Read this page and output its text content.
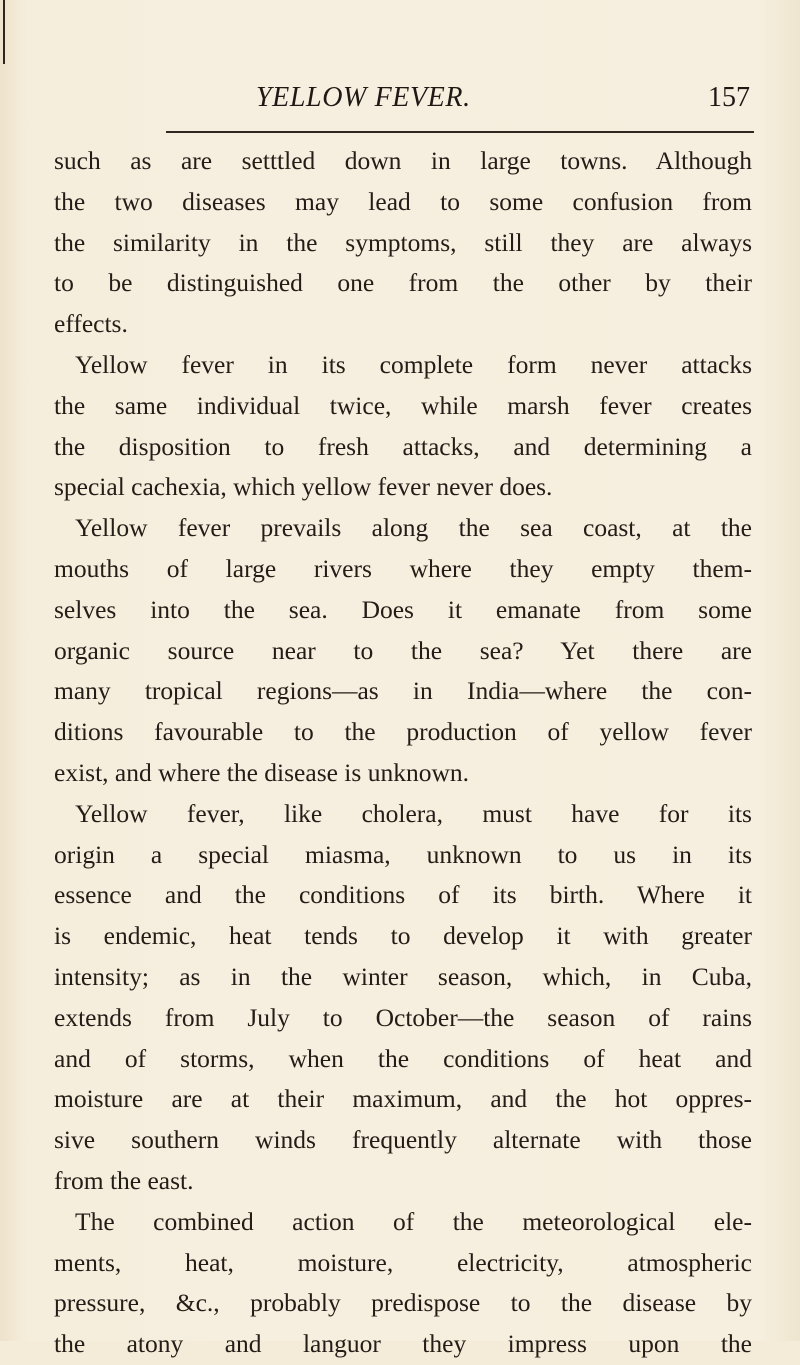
YELLOW FEVER.	157
such as are setttled down in large towns. Although
the two diseases may lead to some confusion from
the similarity in the symptoms, still they are always
to be distinguished one from the other by their
effects.
Yellow fever in its complete form never attacks
the same individual twice, while marsh fever creates
the disposition to fresh attacks, and determining a
special cachexia, which yellow fever never does.
Yellow fever prevails along the sea coast, at the
mouths of large rivers where they empty them-
selves into the sea. Does it emanate from some
organic source near to the sea? Yet there are
many tropical regions—as in India—where the con-
ditions favourable to the production of yellow fever
exist, and where the disease is unknown.
Yellow fever, like cholera, must have for its
origin a special miasma, unknown to us in its
essence and the conditions of its birth. Where it
is endemic, heat tends to develop it with greater
intensity; as in the winter season, which, in Cuba,
extends from July to October—the season of rains
and of storms, when the conditions of heat and
moisture are at their maximum, and the hot oppres-
sive southern winds frequently alternate with those
from the east.
The combined action of the meteorological ele-
ments, heat, moisture, electricity, atmospheric
pressure, &c., probably predispose to the disease by
the atony and languor they impress upon the
